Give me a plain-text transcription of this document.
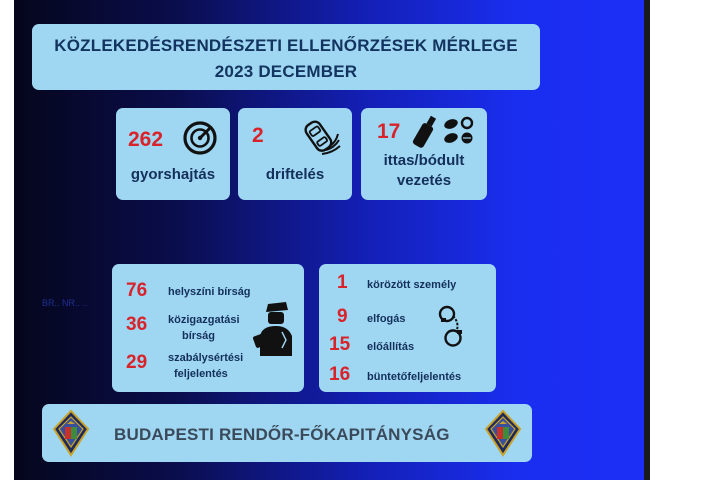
KÖZLEKEDÉSRENDÉSZETI ELLENŐRZÉSEK MÉRLEGE
2023 DECEMBER
262
gyorshajtás
2
driftelés
17
ittas/bódult
vezetés
BR.. NR.. ..
76 helyszíni bírság
36 közigazgatási
bírság
29 szabálysértési
feljelentés
1 körözött személy
9 elfogás
15 előállítás
16 büntetőfeljelentés
BUDAPESTI RENDŐR-FŐKAPITÁNYSÁG
